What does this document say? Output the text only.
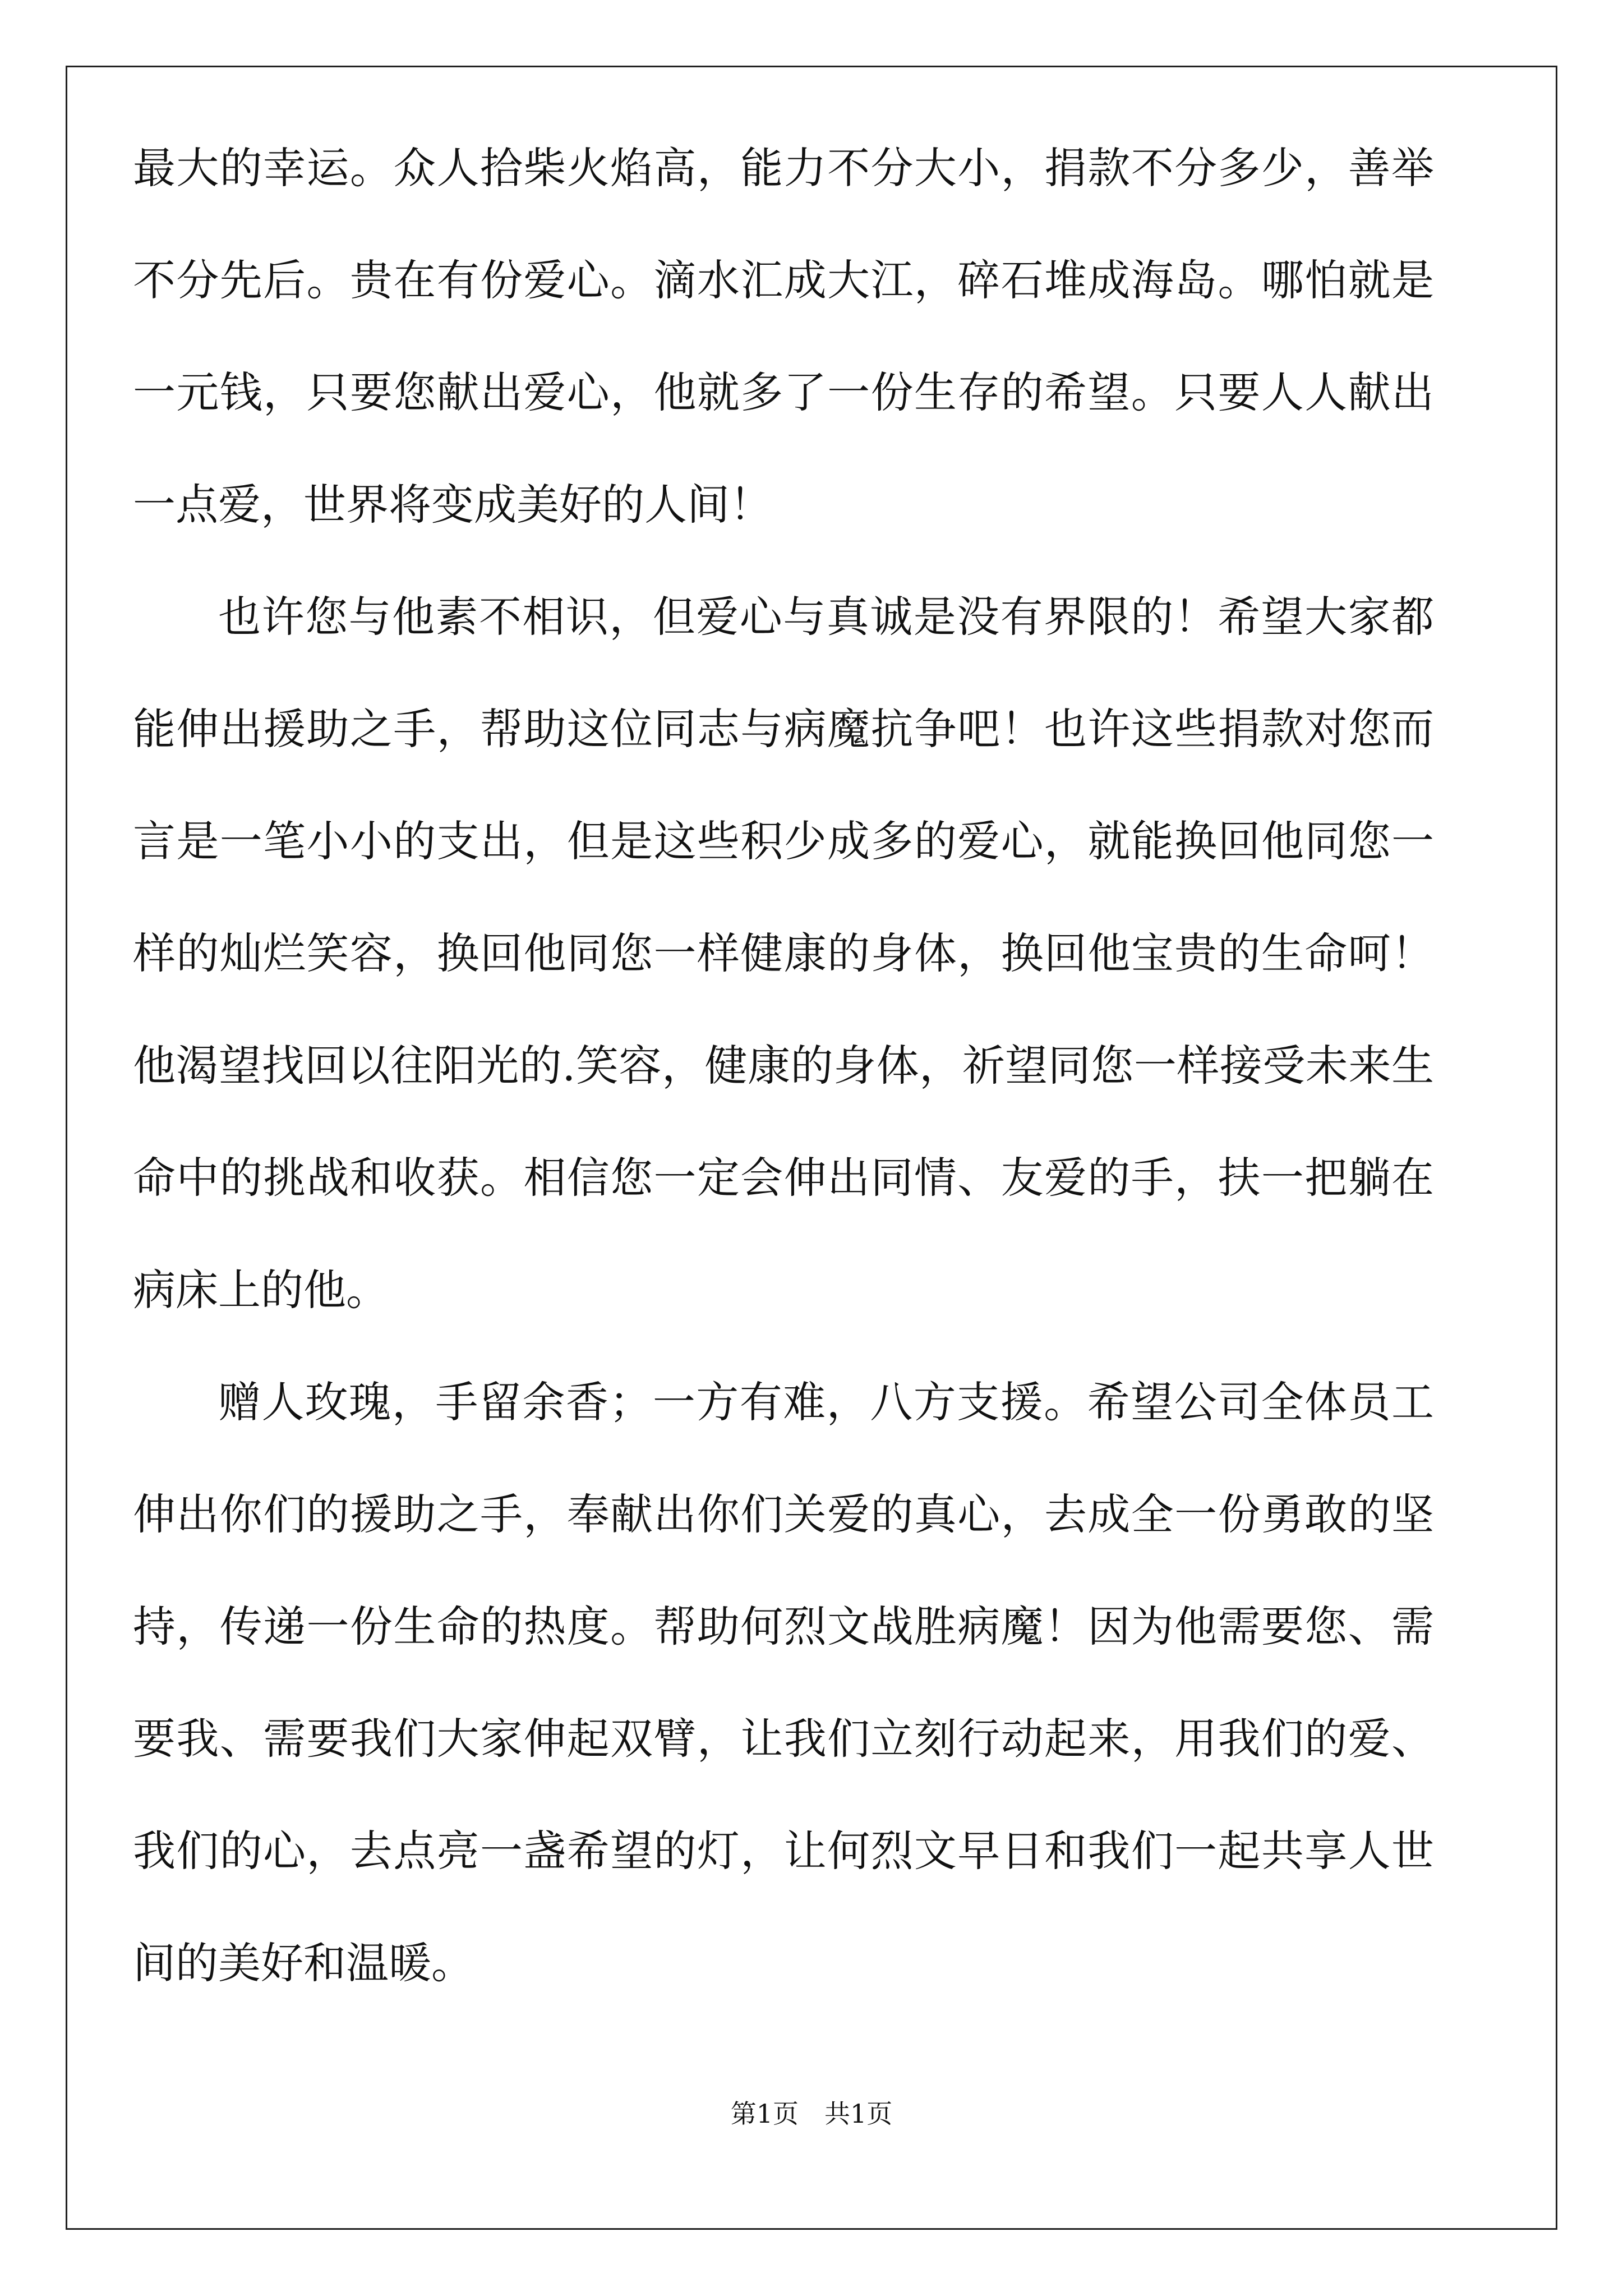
最大的幸运。众人拾柴火焰高，能力不分大小，捐款不分多少，善举
不分先后。贵在有份爱心。滴水汇成大江，碎石堆成海岛。哪怕就是
一元钱，只要您献出爱心，他就多了一份生存的希望。只要人人献出
一点爱，世界将变成美好的人间！
也许您与他素不相识，但爱心与真诚是没有界限的！希望大家都
能伸出援助之手，帮助这位同志与病魔抗争吧！也许这些捐款对您而
言是一笔小小的支出，但是这些积少成多的爱心，就能换回他同您一
样的灿烂笑容，换回他同您一样健康的身体，换回他宝贵的生命呵！
他渴望找回以往阳光的.笑容，健康的身体，祈望同您一样接受未来生
命中的挑战和收获。相信您一定会伸出同情、友爱的手，扶一把躺在
病床上的他。
赠人玫瑰，手留余香；一方有难，八方支援。希望公司全体员工
伸出你们的援助之手，奉献出你们关爱的真心，去成全一份勇敢的坚
持，传递一份生命的热度。帮助何烈文战胜病魔！因为他需要您、需
要我、需要我们大家伸起双臂，让我们立刻行动起来，用我们的爱、
我们的心，去点亮一盏希望的灯，让何烈文早日和我们一起共享人世
间的美好和温暖。
第1页　共1页
